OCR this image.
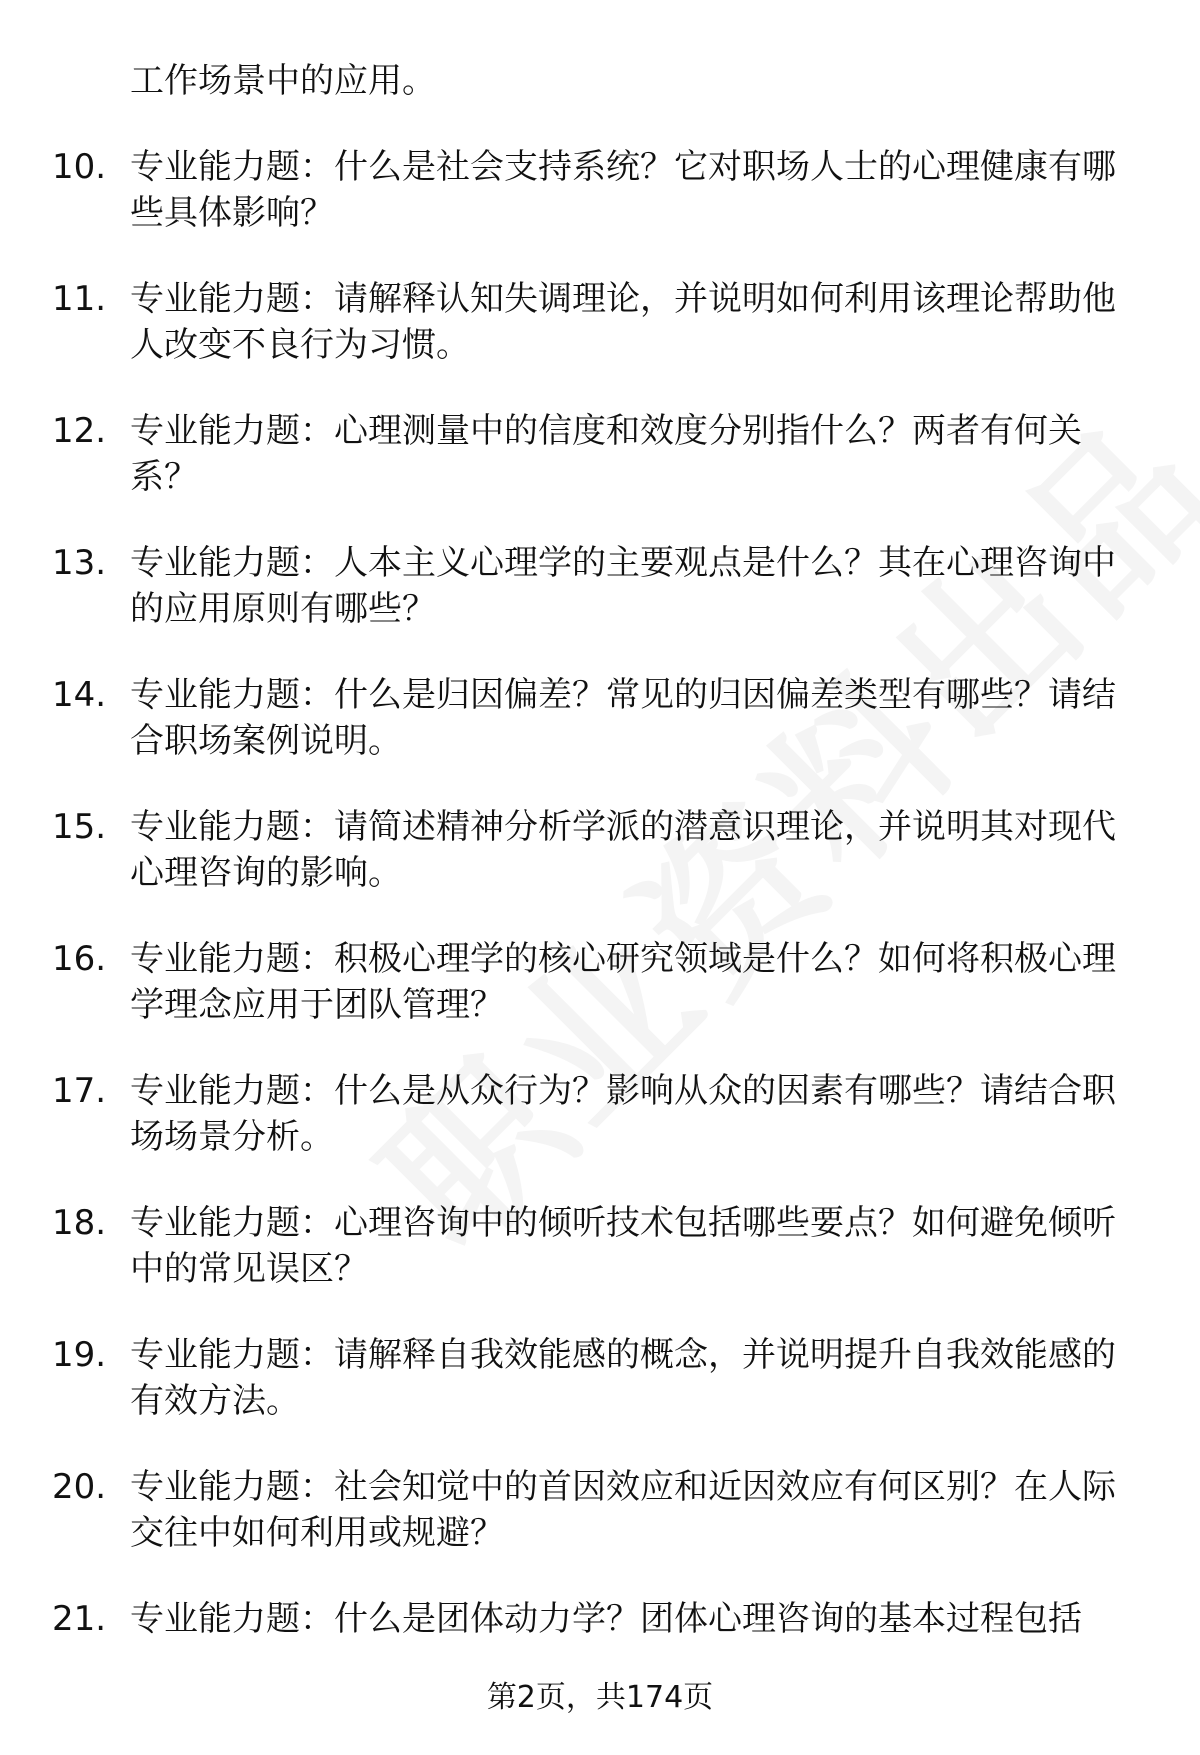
工作场景中的应用。
10. 专业能力题：什么是社会支持系统？它对职场人士的心理健康有哪些具体影响？
11. 专业能力题：请解释认知失调理论，并说明如何利用该理论帮助他人改变不良行为习惯。
12. 专业能力题：心理测量中的信度和效度分别指什么？两者有何关系？
13. 专业能力题：人本主义心理学的主要观点是什么？其在心理咨询中的应用原则有哪些？
14. 专业能力题：什么是归因偏差？常见的归因偏差类型有哪些？请结合职场案例说明。
15. 专业能力题：请简述精神分析学派的潜意识理论，并说明其对现代心理咨询的影响。
16. 专业能力题：积极心理学的核心研究领域是什么？如何将积极心理学理念应用于团队管理？
17. 专业能力题：什么是从众行为？影响从众的因素有哪些？请结合职场场景分析。
18. 专业能力题：心理咨询中的倾听技术包括哪些要点？如何避免倾听中的常见误区？
19. 专业能力题：请解释自我效能感的概念，并说明提升自我效能感的有效方法。
20. 专业能力题：社会知觉中的首因效应和近因效应有何区别？在人际交往中如何利用或规避？
21. 专业能力题：什么是团体动力学？团体心理咨询的基本过程包括
第2页，共174页
